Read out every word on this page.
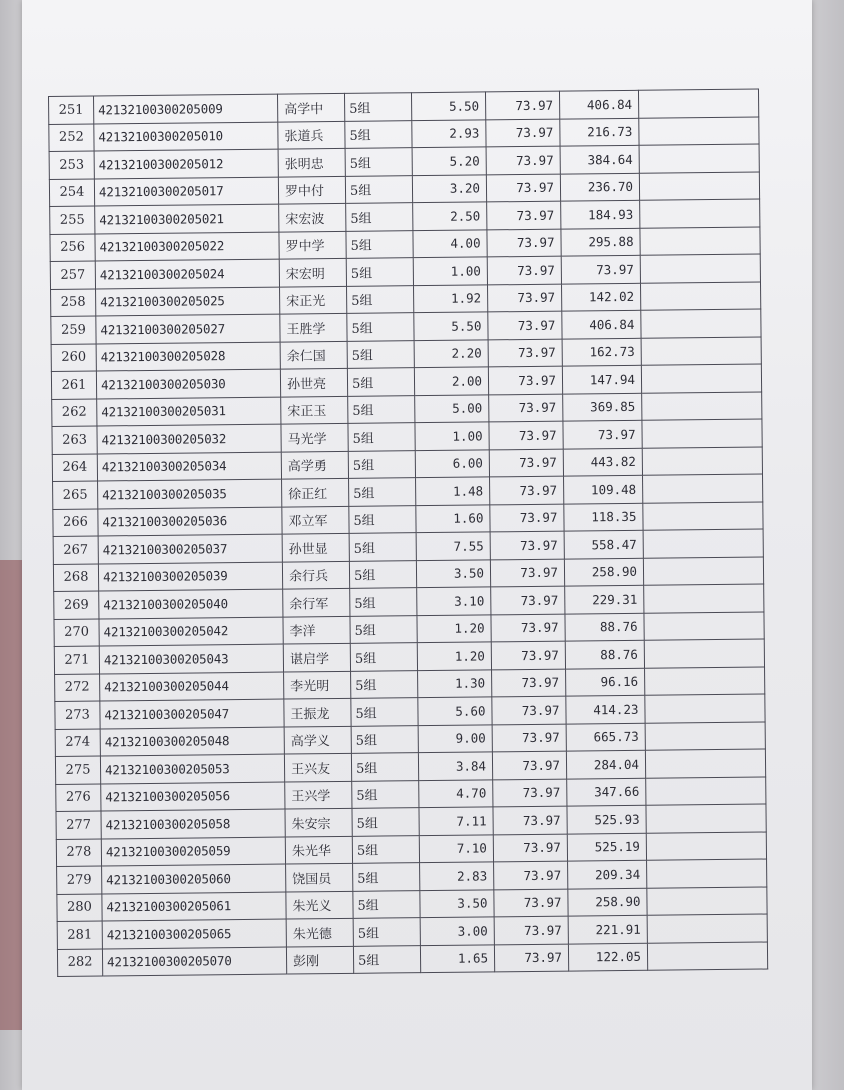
251	42132100300205009	高学中	5组	5.50	73.97	406.84	
252	42132100300205010	张道兵	5组	2.93	73.97	216.73	
253	42132100300205012	张明忠	5组	5.20	73.97	384.64	
254	42132100300205017	罗中付	5组	3.20	73.97	236.70	
255	42132100300205021	宋宏波	5组	2.50	73.97	184.93	
256	42132100300205022	罗中学	5组	4.00	73.97	295.88	
257	42132100300205024	宋宏明	5组	1.00	73.97	73.97	
258	42132100300205025	宋正光	5组	1.92	73.97	142.02	
259	42132100300205027	王胜学	5组	5.50	73.97	406.84	
260	42132100300205028	余仁国	5组	2.20	73.97	162.73	
261	42132100300205030	孙世亮	5组	2.00	73.97	147.94	
262	42132100300205031	宋正玉	5组	5.00	73.97	369.85	
263	42132100300205032	马光学	5组	1.00	73.97	73.97	
264	42132100300205034	高学勇	5组	6.00	73.97	443.82	
265	42132100300205035	徐正红	5组	1.48	73.97	109.48	
266	42132100300205036	邓立军	5组	1.60	73.97	118.35	
267	42132100300205037	孙世显	5组	7.55	73.97	558.47	
268	42132100300205039	余行兵	5组	3.50	73.97	258.90	
269	42132100300205040	余行军	5组	3.10	73.97	229.31	
270	42132100300205042	李洋	5组	1.20	73.97	88.76	
271	42132100300205043	谌启学	5组	1.20	73.97	88.76	
272	42132100300205044	李光明	5组	1.30	73.97	96.16	
273	42132100300205047	王振龙	5组	5.60	73.97	414.23	
274	42132100300205048	高学义	5组	9.00	73.97	665.73	
275	42132100300205053	王兴友	5组	3.84	73.97	284.04	
276	42132100300205056	王兴学	5组	4.70	73.97	347.66	
277	42132100300205058	朱安宗	5组	7.11	73.97	525.93	
278	42132100300205059	朱光华	5组	7.10	73.97	525.19	
279	42132100300205060	饶国员	5组	2.83	73.97	209.34	
280	42132100300205061	朱光义	5组	3.50	73.97	258.90	
281	42132100300205065	朱光德	5组	3.00	73.97	221.91	
282	42132100300205070	彭刚	5组	1.65	73.97	122.05	
